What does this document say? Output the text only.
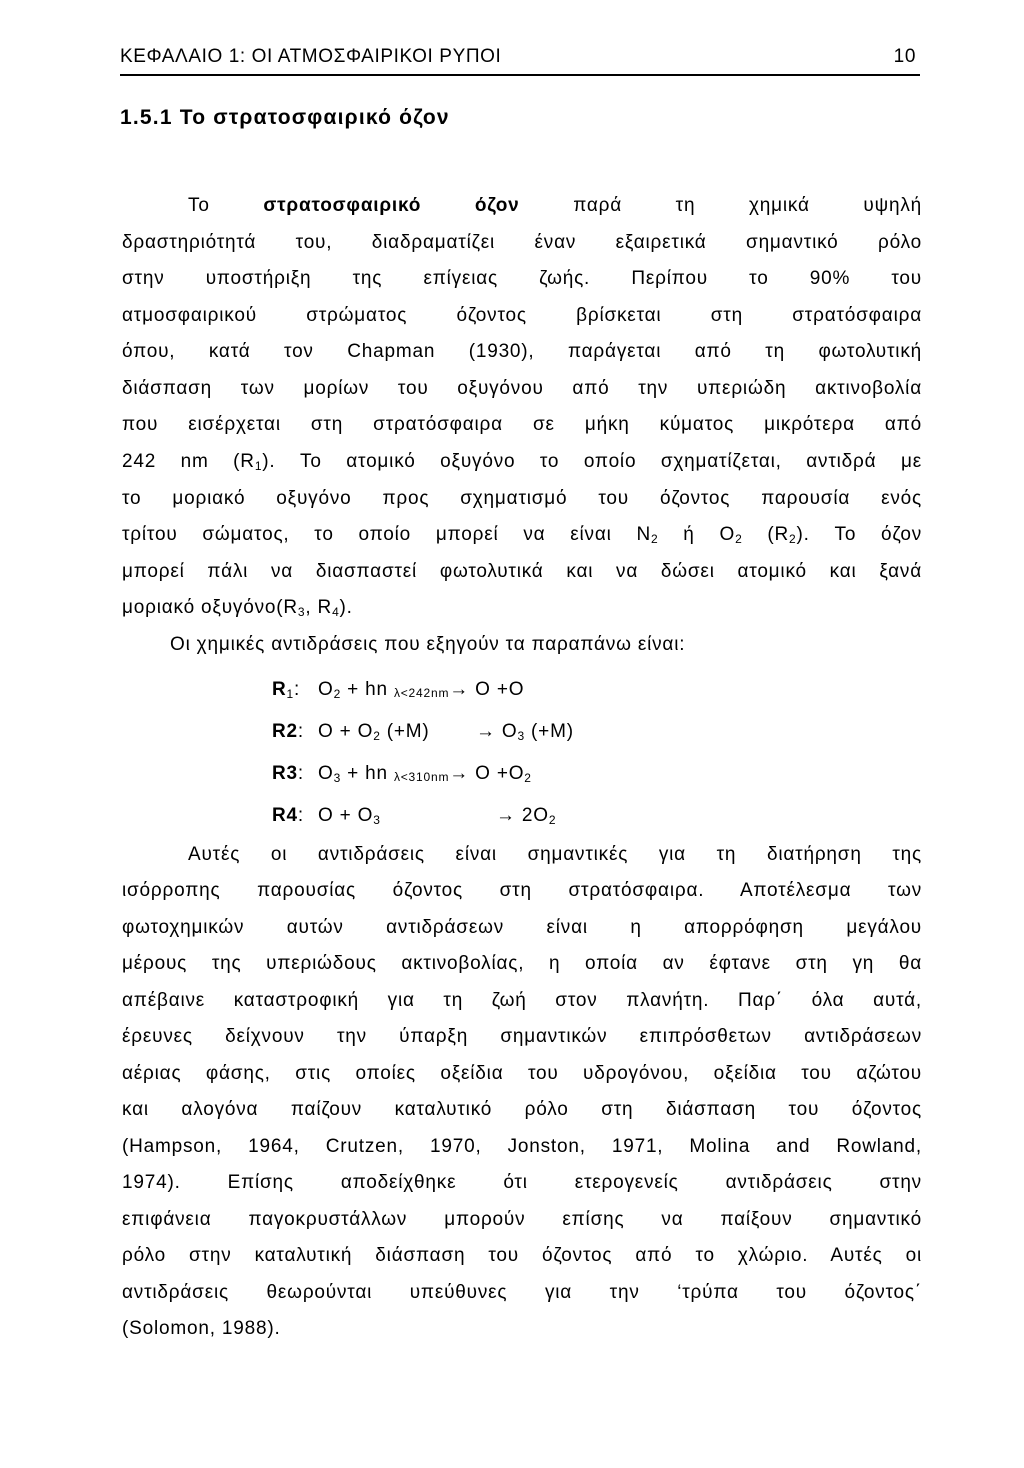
ΚΕΦΑΛΑΙΟ 1: ΟΙ ΑΤΜΟΣΦΑΙΡΙΚΟΙ ΡΥΠΟΙ	10
1.5.1 Το στρατοσφαιρικό όζον
Το	στρατοσφαιρικό όζον	παρά τη χημικά υψηλή
δραστηριότητά του, διαδραματίζει έναν εξαιρετικά σημαντικό ρόλο
στην υποστήριξη της επίγειας ζωής. Περίπου το 90% του
ατμοσφαιρικού στρώματος όζοντος βρίσκεται στη στρατόσφαιρα
όπου, κατά τον Chapman (1930), παράγεται από τη φωτολυτική
διάσπαση των μορίων του οξυγόνου από την υπεριώδη ακτινοβολία
που εισέρχεται στη στρατόσφαιρα σε μήκη κύματος μικρότερα από
242 nm $(R_1)$. Το ατομικό οξυγόνο το οποίο σχηματίζεται, αντιδρά με
το μοριακό οξυγόνο προς σχηματισμό του όζοντος παρουσία ενός
τρίτου σώματος, το οποίο μπορεί να είναι $N_2$ ή $O_2$ $(R_2)$. Το όζον
μπορεί πάλι να διασπαστεί φωτολυτικά και να δώσει ατομικό και ξανά
μοριακό $o\xi\upsilon\gamma ό\nu o(R_3$, $R_4$).
Οι χημικές αντιδράσεις που εξηγούν τα παραπάνω είναι:
$R_1$: $O_2$ + hn λ<242nm→ O +O
R2: $O + O_2$ $(+M) \to O_3$ (+M)
R3: $O_3$ + hn $\lambda<310nm\to O +O_2$
R4: $O + O_3$	→ $2O_2$
Αυτές οι αντιδράσεις είναι σημαντικές για τη διατήρηση της
ισόρροπης παρουσίας όζοντος στη στρατόσφαιρα. Αποτέλεσμα των
φωτοχημικών αυτών αντιδράσεων είναι η απορρόφηση μεγάλου
μέρους της υπεριώδους ακτινοβολίας, η οποία αν έφτανε στη γη θα
απέβαινε καταστροφική για τη ζωή στον πλανήτη. Παρ΄ όλα αυτά,
έρευνες δείχνουν την ύπαρξη σημαντικών επιπρόσθετων αντιδράσεων
αέριας φάσης, στις οποίες οξείδια του υδρογόνου, οξείδια του αζώτου
και αλογόνα παίζουν καταλυτικό ρόλο στη διάσπαση του όζοντος
(Hampson, 1964, Crutzen, 1970, Jonston, 1971, Molina and Rowland,
1974). Επίσης αποδείχθηκε ότι ετερογενείς αντιδράσεις στην
επιφάνεια παγοκρυστάλλων μπορούν επίσης να παίξουν σημαντικό
ρόλο στην καταλυτική διάσπαση του όζοντος από το χλώριο. Αυτές οι
αντιδράσεις θεωρούνται υπεύθυνες για την ‘τρύπα του όζοντος΄
(Solomon, 1988).
